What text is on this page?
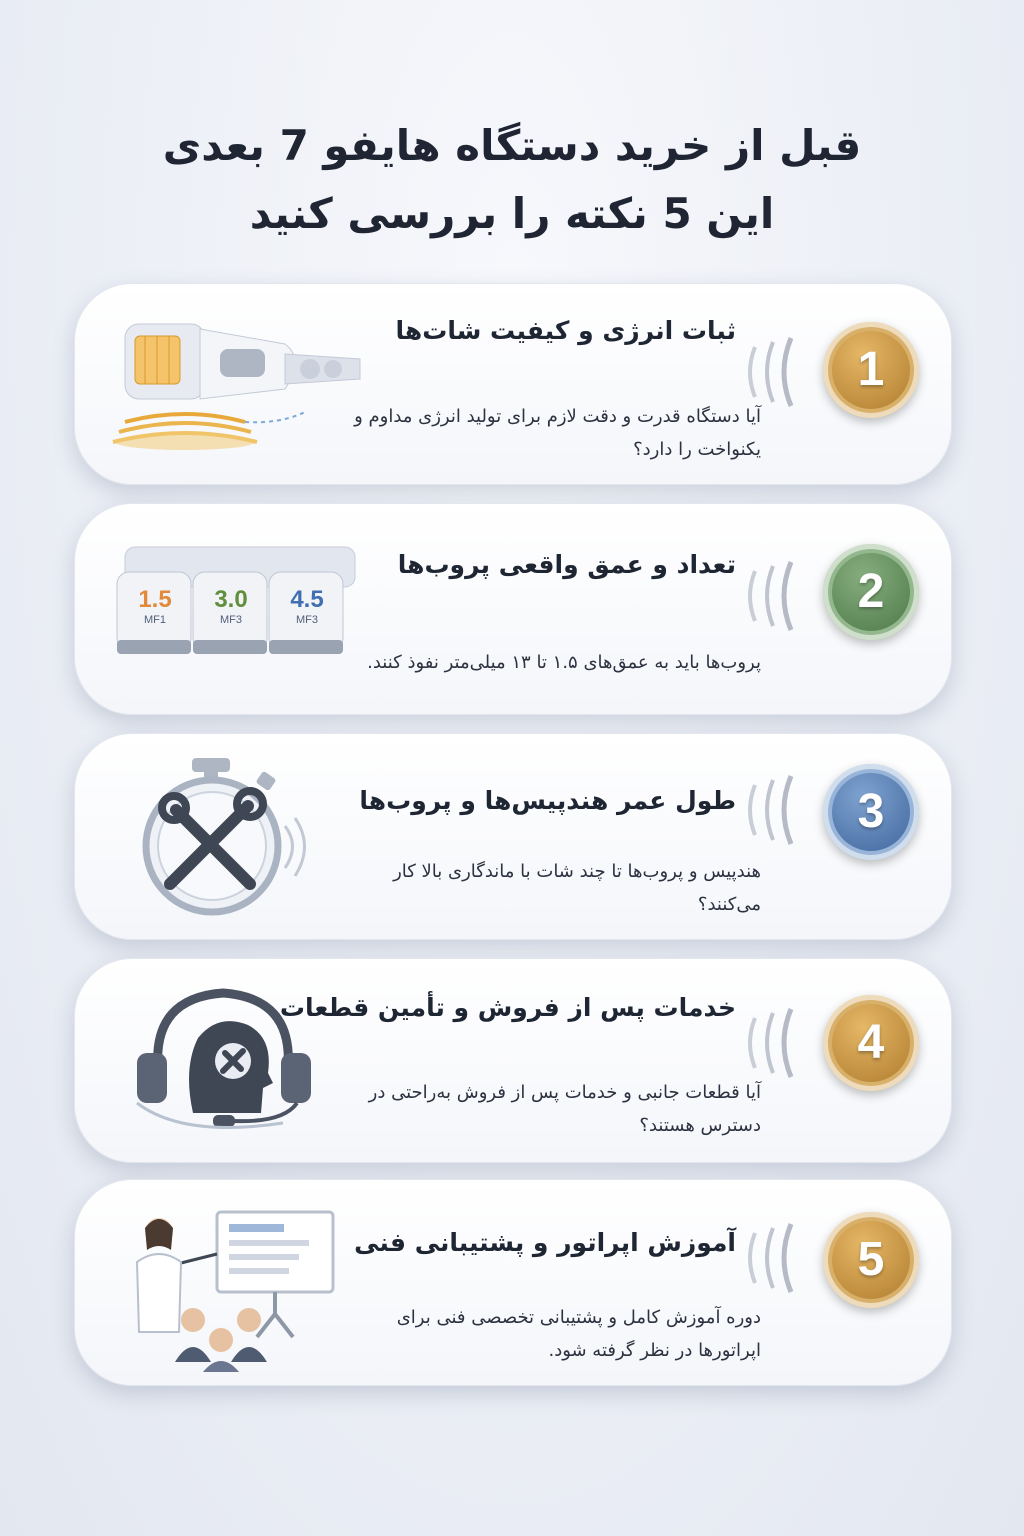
قبل از خرید دستگاه هایفو 7 بعدی
این 5 نکته را بررسی کنید
ثبات انرژی و کیفیت شات‌ها
آیا دستگاه قدرت و دقت لازم برای تولید انرژی مداوم و یکنواخت را دارد؟
1
1.5
MF1
3.0
MF3
4.5
MF3
تعداد و عمق واقعی پروب‌ها
پروب‌ها باید به عمق‌های ۱.۵ تا ۱۳ میلی‌متر نفوذ کنند.
2
طول عمر هندپیس‌ها و پروب‌ها
هندپیس و پروب‌ها تا چند شات با ماندگاری بالا کار می‌کنند؟
3
خدمات پس از فروش و تأمین قطعات
آیا قطعات جانبی و خدمات پس از فروش به‌راحتی در دسترس هستند؟
4
آموزش اپراتور و پشتیبانی فنی
دوره آموزش کامل و پشتیبانی تخصصی فنی برای اپراتورها در نظر گرفته شود.
5
